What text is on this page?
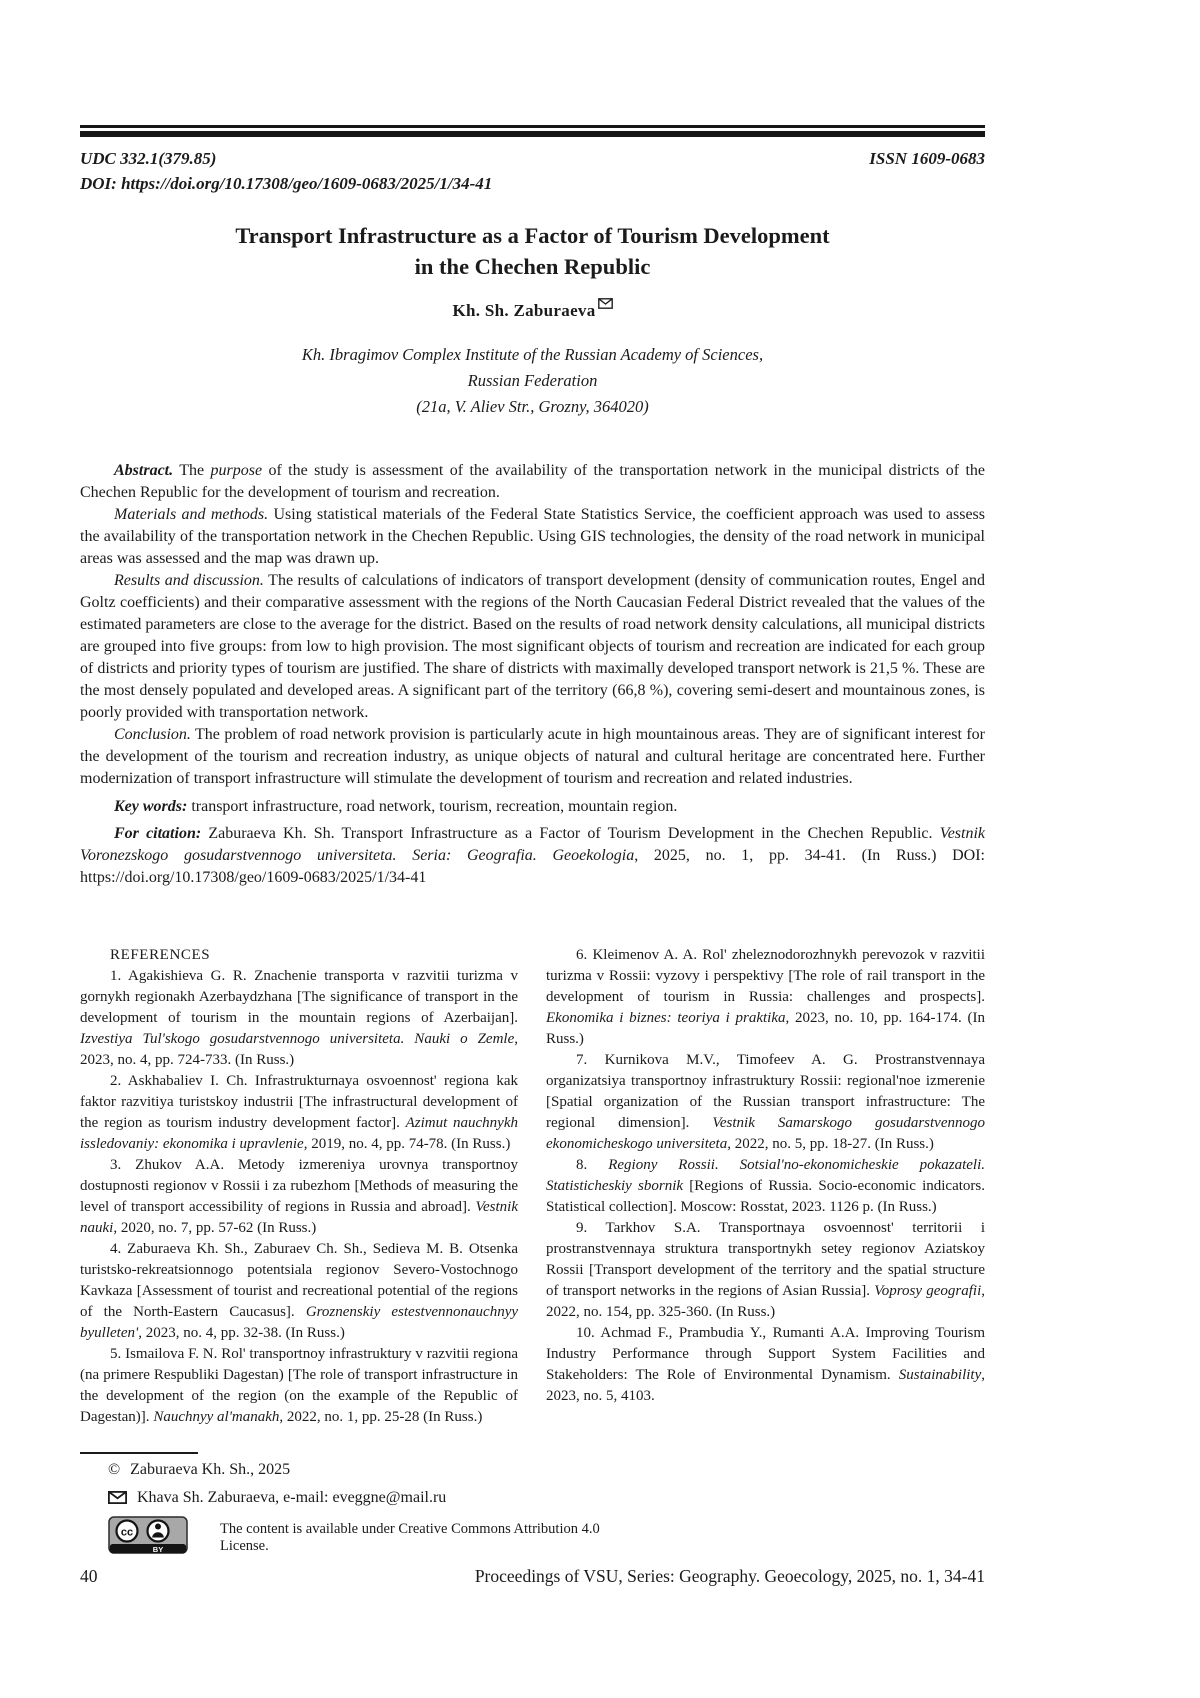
UDC 332.1(379.85)	ISSN 1609-0683
DOI: https://doi.org/10.17308/geo/1609-0683/2025/1/34-41
Transport Infrastructure as a Factor of Tourism Development
in the Chechen Republic
Kh. Sh. Zaburaeva
Kh. Ibragimov Complex Institute of the Russian Academy of Sciences,
Russian Federation
(21a, V. Aliev Str., Grozny, 364020)

Abstract. The purpose of the study is assessment of the availability of the transportation network in the municipal districts of the Chechen Republic for the development of tourism and recreation.

Materials and methods. Using statistical materials of the Federal State Statistics Service, the coefficient approach was used to assess the availability of the transportation network in the Chechen Republic. Using GIS technologies, the density of the road network in municipal areas was assessed and the map was drawn up.

Results and discussion. The results of calculations of indicators of transport development (density of communication routes, Engel and Goltz coefficients) and their comparative assessment with the regions of the North Caucasian Federal District revealed that the values of the estimated parameters are close to the average for the district. Based on the results of road network density calculations, all municipal districts are grouped into five groups: from low to high provision. The most significant objects of tourism and recreation are indicated for each group of districts and priority types of tourism are justified. The share of districts with maximally developed transport network is 21,5 %. These are the most densely populated and developed areas. A significant part of the territory (66,8 %), covering semi-desert and mountainous zones, is poorly provided with transportation network.

Conclusion. The problem of road network provision is particularly acute in high mountainous areas. They are of significant interest for the development of the tourism and recreation industry, as unique objects of natural and cultural heritage are concentrated here. Further modernization of transport infrastructure will stimulate the development of tourism and recreation and related industries.

Key words: transport infrastructure, road network, tourism, recreation, mountain region.

For citation: Zaburaeva Kh. Sh. Transport Infrastructure as a Factor of Tourism Development in the Chechen Republic. Vestnik Voronezskogo gosudarstvennogo universiteta. Seria: Geografia. Geoekologia, 2025, no. 1, pp. 34-41. (In Russ.) DOI: https://doi.org/10.17308/geo/1609-0683/2025/1/34-41

REFERENCES

1. Agakishieva G. R. Znachenie transporta v razvitii turizma v gornykh regionakh Azerbaydzhana [The significance of transport in the development of tourism in the mountain regions of Azerbaijan]. Izvestiya Tul'skogo gosudarstvennogo universiteta. Nauki o Zemle, 2023, no. 4, pp. 724-733. (In Russ.)

2. Askhabaliev I. Ch. Infrastrukturnaya osvoennost' regiona kak faktor razvitiya turistskoy industrii [The infrastructural development of the region as tourism industry development factor]. Azimut nauchnykh issledovaniy: ekonomika i upravlenie, 2019, no. 4, pp. 74-78. (In Russ.)

3. Zhukov A.A. Metody izmereniya urovnya transportnoy dostupnosti regionov v Rossii i za rubezhom [Methods of measuring the level of transport accessibility of regions in Russia and abroad]. Vestnik nauki, 2020, no. 7, pp. 57-62 (In Russ.)

4. Zaburaeva Kh. Sh., Zaburaev Ch. Sh., Sedieva M. B. Otsenka turistsko-rekreatsionnogo potentsiala regionov Severo-Vostochnogo Kavkaza [Assessment of tourist and recreational potential of the regions of the North-Eastern Caucasus]. Groznenskiy estestvennonauchnyy byulleten', 2023, no. 4, pp. 32-38. (In Russ.)

5. Ismailova F. N. Rol' transportnoy infrastruktury v razvitii regiona (na primere Respubliki Dagestan) [The role of transport infrastructure in the development of the region (on the example of the Republic of Dagestan)]. Nauchnyy al'manakh, 2022, no. 1, pp. 25-28 (In Russ.)

6. Kleimenov A. A. Rol' zheleznodorozhnykh perevozok v razvitii turizma v Rossii: vyzovy i perspektivy [The role of rail transport in the development of tourism in Russia: challenges and prospects]. Ekonomika i biznes: teoriya i praktika, 2023, no. 10, pp. 164-174. (In Russ.)

7. Kurnikova M.V., Timofeev A. G. Prostranstvennaya organizatsiya transportnoy infrastruktury Rossii: regional'noe izmerenie [Spatial organization of the Russian transport infrastructure: The regional dimension]. Vestnik Samarskogo gosudarstvennogo ekonomicheskogo universiteta, 2022, no. 5, pp. 18-27. (In Russ.)

8. Regiony Rossii. Sotsial'no-ekonomicheskie pokazateli. Statisticheskiy sbornik [Regions of Russia. Socio-economic indicators. Statistical collection]. Moscow: Rosstat, 2023. 1126 p. (In Russ.)

9. Tarkhov S.A. Transportnaya osvoennost' territorii i prostranstvennaya struktura transportnykh setey regionov Aziatskoy Rossii [Transport development of the territory and the spatial structure of transport networks in the regions of Asian Russia]. Voprosy geografii, 2022, no. 154, pp. 325-360. (In Russ.)

10. Achmad F., Prambudia Y., Rumanti A.A. Improving Tourism Industry Performance through Support System Facilities and Stakeholders: The Role of Environmental Dynamism. Sustainability, 2023, no. 5, 4103.

© Zaburaeva Kh. Sh., 2025
Khava Sh. Zaburaeva, e-mail: eveggne@mail.ru
cc
BY
The content is available under Creative Commons Attribution 4.0 License.
40	Proceedings of VSU, Series: Geography. Geoecology, 2025, no. 1, 34-41
